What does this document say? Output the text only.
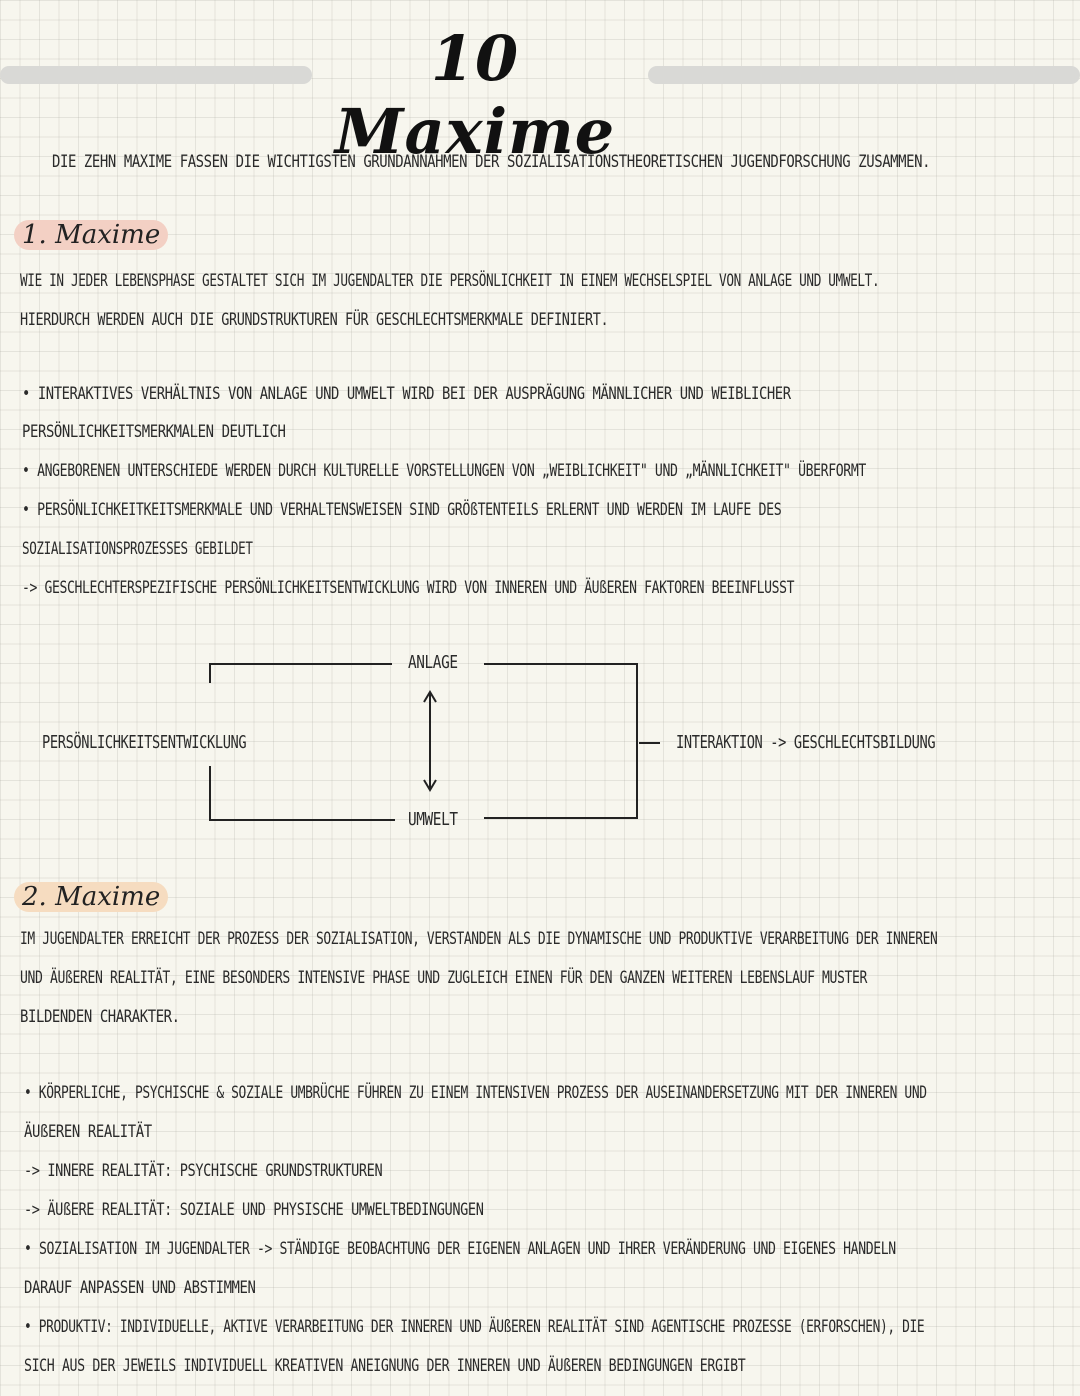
10 Maxime
DIE ZEHN MAXIME FASSEN DIE WICHTIGSTEN GRUNDANNAHMEN DER SOZIALISATIONSTHEORETISCHEN JUGENDFORSCHUNG ZUSAMMEN.
1. Maxime
WIE IN JEDER LEBENSPHASE GESTALTET SICH IM JUGENDALTER DIE PERSÖNLICHKEIT IN EINEM WECHSELSPIEL VON ANLAGE UND UMWELT.
HIERDURCH WERDEN AUCH DIE GRUNDSTRUKTUREN FÜR GESCHLECHTSMERKMALE DEFINIERT.
• INTERAKTIVES VERHÄLTNIS VON ANLAGE UND UMWELT WIRD BEI DER AUSPRÄGUNG MÄNNLICHER UND WEIBLICHER
PERSÖNLICHKEITSMERKMALEN DEUTLICH
• ANGEBORENEN UNTERSCHIEDE WERDEN DURCH KULTURELLE VORSTELLUNGEN VON „WEIBLICHKEIT" UND „MÄNNLICHKEIT" ÜBERFORMT
• PERSÖNLICHKEITKEITSMERKMALE UND VERHALTENSWEISEN SIND GRÖßTENTEILS ERLERNT UND WERDEN IM LAUFE DES
SOZIALISATIONSPROZESSES GEBILDET
-> GESCHLECHTERSPEZIFISCHE PERSÖNLICHKEITSENTWICKLUNG WIRD VON INNEREN UND ÄUßEREN FAKTOREN BEEINFLUSST
ANLAGE
PERSÖNLICHKEITSENTWICKLUNG
UMWELT
INTERAKTION -> GESCHLECHTSBILDUNG
2. Maxime
IM JUGENDALTER ERREICHT DER PROZESS DER SOZIALISATION, VERSTANDEN ALS DIE DYNAMISCHE UND PRODUKTIVE VERARBEITUNG DER INNEREN
UND ÄUßEREN REALITÄT, EINE BESONDERS INTENSIVE PHASE UND ZUGLEICH EINEN FÜR DEN GANZEN WEITEREN LEBENSLAUF MUSTER
BILDENDEN CHARAKTER.
• KÖRPERLICHE, PSYCHISCHE & SOZIALE UMBRÜCHE FÜHREN ZU EINEM INTENSIVEN PROZESS DER AUSEINANDERSETZUNG MIT DER INNEREN UND
ÄUßEREN REALITÄT
-> INNERE REALITÄT: PSYCHISCHE GRUNDSTRUKTUREN
-> ÄUßERE REALITÄT: SOZIALE UND PHYSISCHE UMWELTBEDINGUNGEN
• SOZIALISATION IM JUGENDALTER -> STÄNDIGE BEOBACHTUNG DER EIGENEN ANLAGEN UND IHRER VERÄNDERUNG UND EIGENES HANDELN
DARAUF ANPASSEN UND ABSTIMMEN
• PRODUKTIV: INDIVIDUELLE, AKTIVE VERARBEITUNG DER INNEREN UND ÄUßEREN REALITÄT SIND AGENTISCHE PROZESSE (ERFORSCHEN), DIE
SICH AUS DER JEWEILS INDIVIDUELL KREATIVEN ANEIGNUNG DER INNEREN UND ÄUßEREN BEDINGUNGEN ERGIBT
